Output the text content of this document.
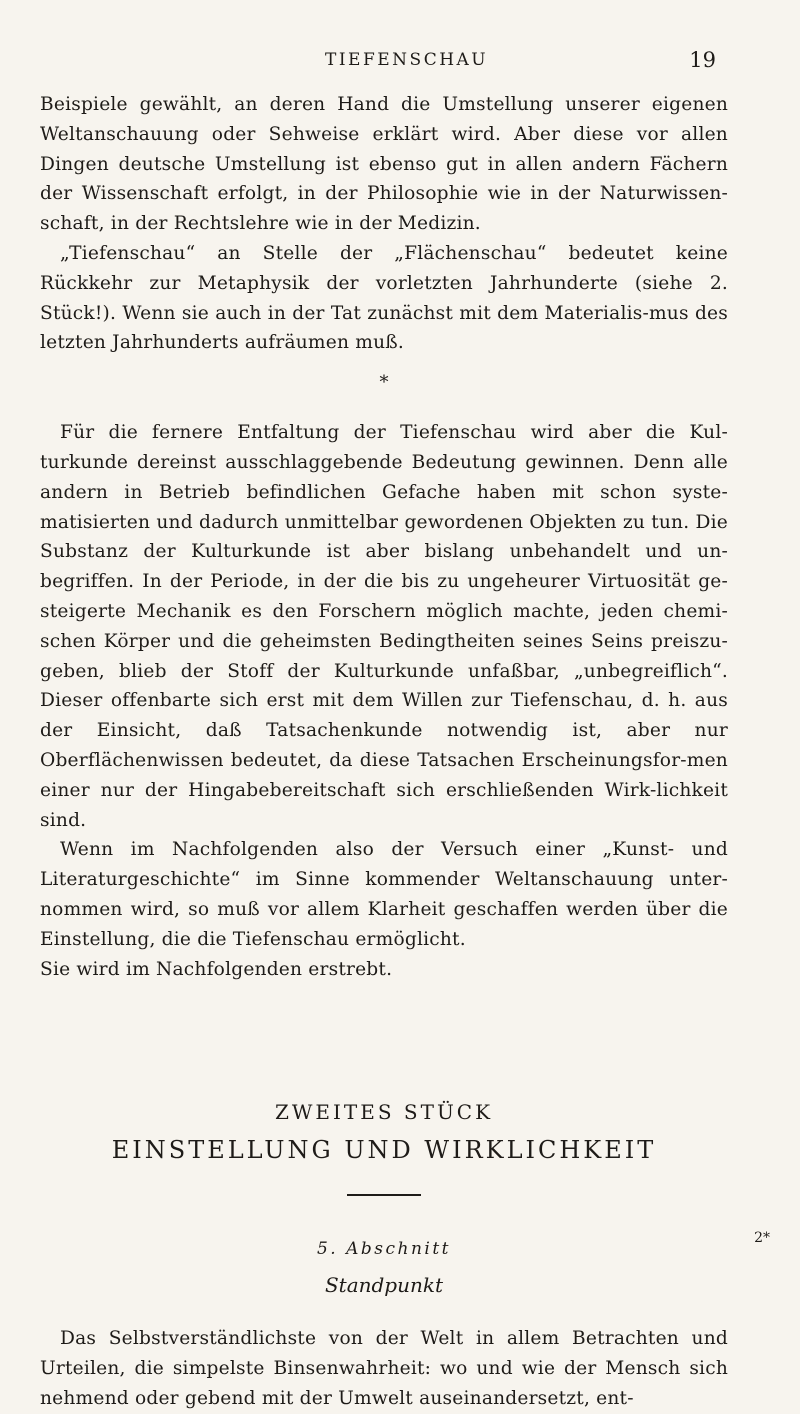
TIEFENSCHAU	19

Beispiele gewählt, an deren Hand die Umstellung unserer eigenen Weltanschauung oder Sehweise erklärt wird. Aber diese vor allen Dingen deutsche Umstellung ist ebenso gut in allen andern Fächern der Wissenschaft erfolgt, in der Philosophie wie in der Naturwissen-schaft, in der Rechtslehre wie in der Medizin.

„Tiefenschau“ an Stelle der „Flächenschau“ bedeutet keine Rückkehr zur Metaphysik der vorletzten Jahrhunderte (siehe 2. Stück!). Wenn sie auch in der Tat zunächst mit dem Materialis-mus des letzten Jahrhunderts aufräumen muß.

*

Für die fernere Entfaltung der Tiefenschau wird aber die Kul-turkunde dereinst ausschlaggebende Bedeutung gewinnen. Denn alle andern in Betrieb befindlichen Gefache haben mit schon syste-matisierten und dadurch unmittelbar gewordenen Objekten zu tun. Die Substanz der Kulturkunde ist aber bislang unbehandelt und un-begriffen. In der Periode, in der die bis zu ungeheurer Virtuosität ge-steigerte Mechanik es den Forschern möglich machte, jeden chemi-schen Körper und die geheimsten Bedingtheiten seines Seins preiszu-geben, blieb der Stoff der Kulturkunde unfaßbar, „unbegreiflich“. Dieser offenbarte sich erst mit dem Willen zur Tiefenschau, d. h. aus der Einsicht, daß Tatsachenkunde notwendig ist, aber nur Oberflächenwissen bedeutet, da diese Tatsachen Erscheinungsfor-men einer nur der Hingabebereitschaft sich erschließenden Wirk-lichkeit sind.

Wenn im Nachfolgenden also der Versuch einer „Kunst- und Literaturgeschichte“ im Sinne kommender Weltanschauung unter-nommen wird, so muß vor allem Klarheit geschaffen werden über die Einstellung, die die Tiefenschau ermöglicht.

Sie wird im Nachfolgenden erstrebt.

ZWEITES STÜCK
EINSTELLUNG UND WIRKLICHKEIT
5. Abschnitt
Standpunkt

Das Selbstverständlichste von der Welt in allem Betrachten und Urteilen, die simpelste Binsenwahrheit: wo und wie der Mensch sich nehmend oder gebend mit der Umwelt auseinandersetzt, ent-

2*
